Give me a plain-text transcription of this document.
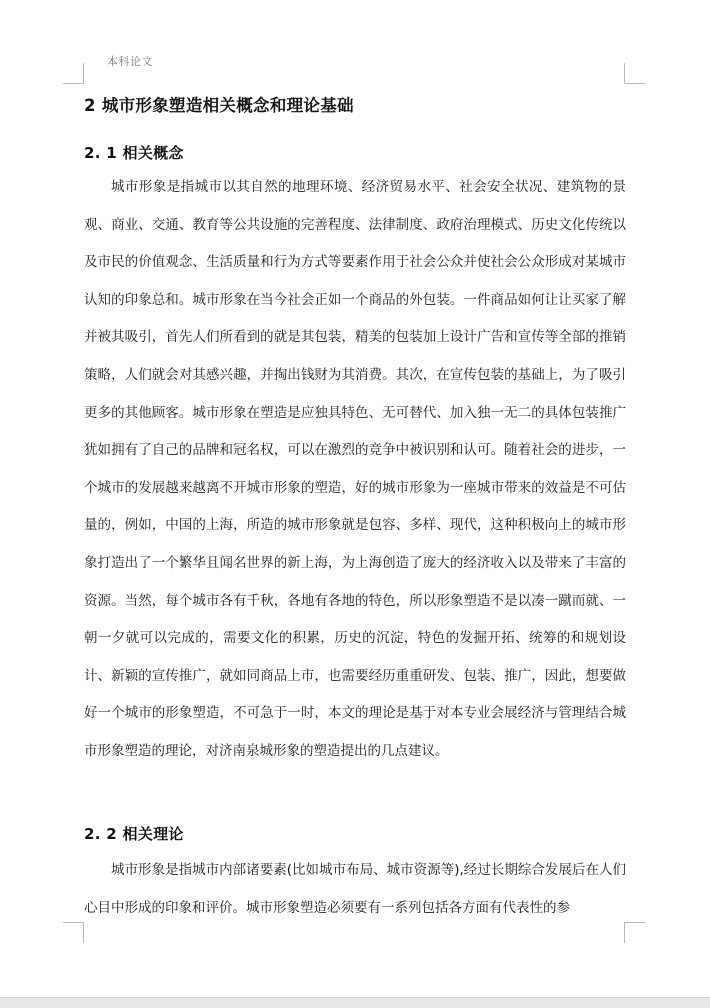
本科论文
2 城市形象塑造相关概念和理论基础
2. 1 相关概念

城市形象是指城市以其自然的地理环境、经济贸易水平、社会安全状况、建筑物的景观、商业、交通、教育等公共设施的完善程度、法律制度、政府治理模式、历史文化传统以及市民的价值观念、生活质量和行为方式等要素作用于社会公众并使社会公众形成对某城市认知的印象总和。城市形象在当今社会正如一个商品的外包装。一件商品如何让让买家了解并被其吸引，首先人们所看到的就是其包装，精美的包装加上设计广告和宣传等全部的推销策略，人们就会对其感兴趣，并掏出钱财为其消费。其次，在宣传包装的基础上，为了吸引更多的其他顾客。城市形象在塑造是应独具特色、无可替代、加入独一无二的具体包装推广犹如拥有了自己的品牌和冠名权，可以在激烈的竞争中被识别和认可。随着社会的进步，一个城市的发展越来越离不开城市形象的塑造，好的城市形象为一座城市带来的效益是不可估量的，例如，中国的上海，所造的城市形象就是包容、多样、现代，这种积极向上的城市形象打造出了一个繁华且闻名世界的新上海，为上海创造了庞大的经济收入以及带来了丰富的资源。当然，每个城市各有千秋，各地有各地的特色，所以形象塑造不是以凑一蹴而就、一朝一夕就可以完成的，需要文化的积累，历史的沉淀，特色的发掘开拓、统筹的和规划设计、新颖的宣传推广，就如同商品上市，也需要经历重重研发、包装、推广，因此，想要做好一个城市的形象塑造，不可急于一时，本文的理论是基于对本专业会展经济与管理结合城市形象塑造的理论，对济南泉城形象的塑造提出的几点建议。

2. 2 相关理论

城市形象是指城市内部诸要素(比如城市布局、城市资源等),经过长期综合发展后在人们心目中形成的印象和评价。城市形象塑造必须要有一系列包括各方面有代表性的参
